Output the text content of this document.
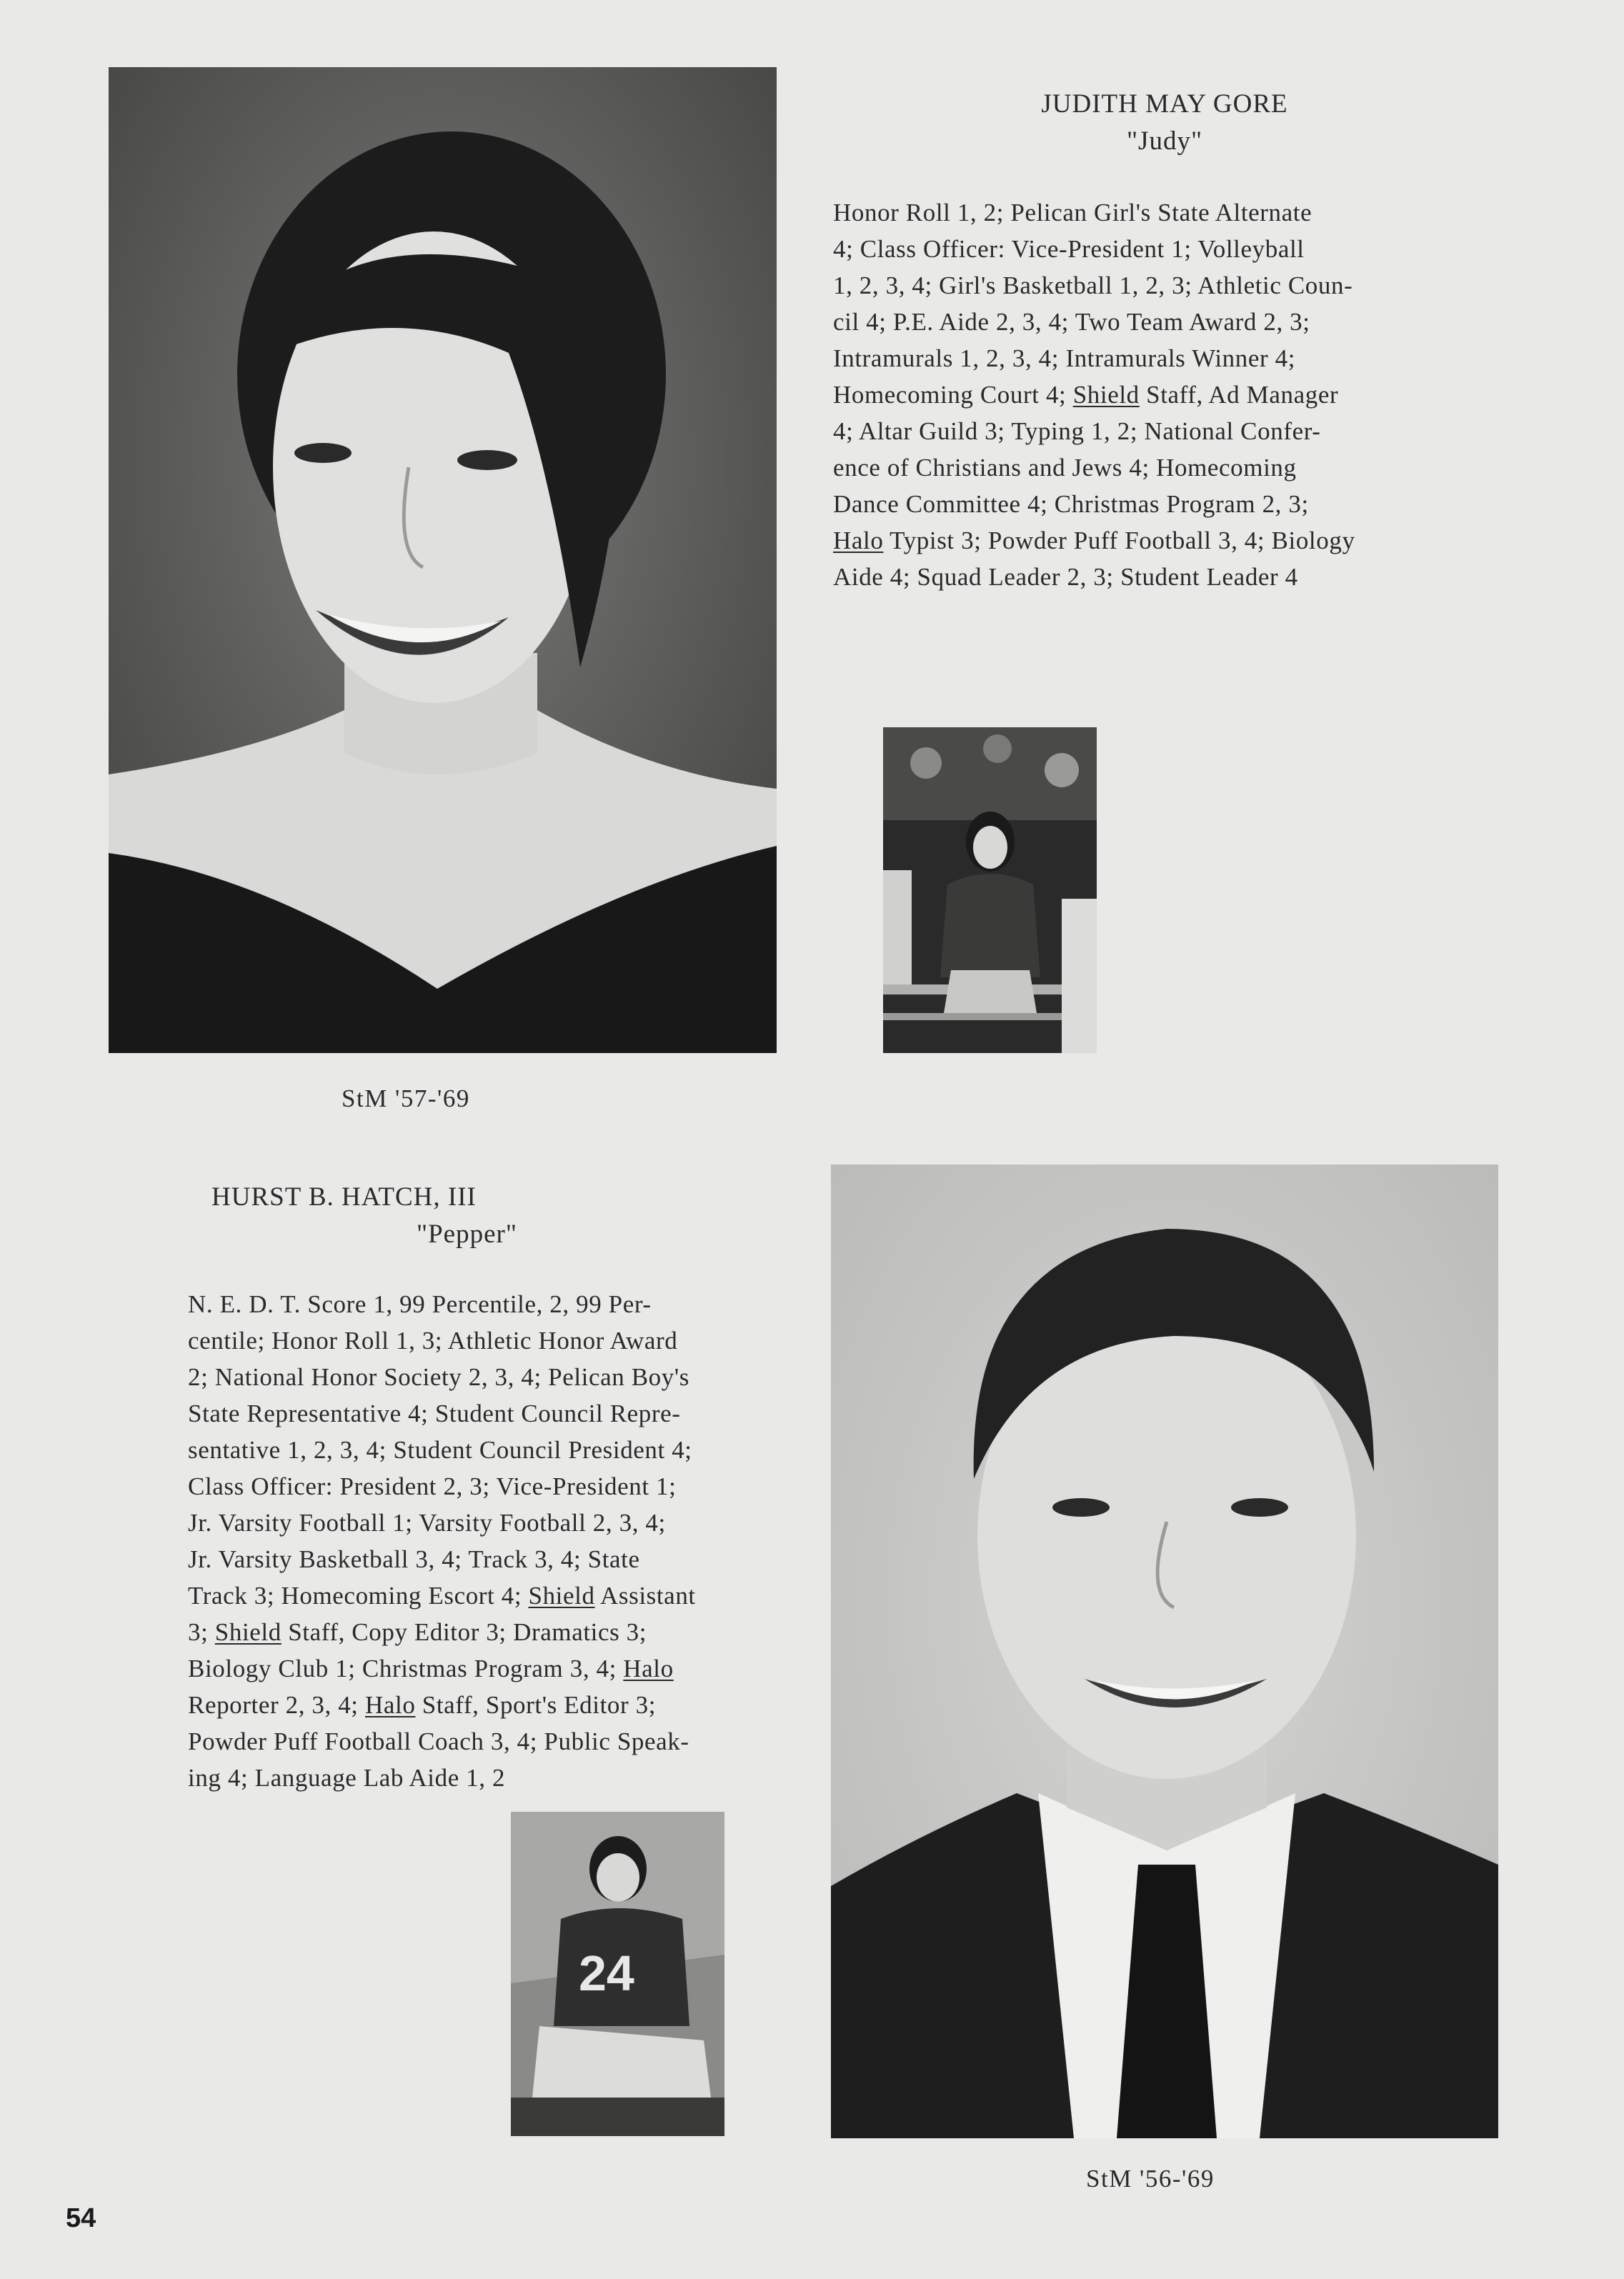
JUDITH MAY GORE
"Judy"
Honor Roll 1, 2; Pelican Girl's State Alternate
4; Class Officer: Vice-President 1; Volleyball
1, 2, 3, 4; Girl's Basketball 1, 2, 3; Athletic Coun-
cil 4; P.E. Aide 2, 3, 4; Two Team Award 2, 3;
Intramurals 1, 2, 3, 4; Intramurals Winner 4;
Homecoming Court 4; Shield Staff, Ad Manager
4; Altar Guild 3; Typing 1, 2; National Confer-
ence of Christians and Jews 4; Homecoming
Dance Committee 4; Christmas Program 2, 3;
Halo Typist 3; Powder Puff Football 3, 4; Biology
Aide 4; Squad Leader 2, 3; Student Leader 4
StM '57-'69
HURST B. HATCH, III
"Pepper"
N. E. D. T. Score 1, 99 Percentile, 2, 99 Per-
centile; Honor Roll 1, 3; Athletic Honor Award
2; National Honor Society 2, 3, 4; Pelican Boy's
State Representative 4; Student Council Repre-
sentative 1, 2, 3, 4; Student Council President 4;
Class Officer: President 2, 3; Vice-President 1;
Jr. Varsity Football 1; Varsity Football 2, 3, 4;
Jr. Varsity Basketball 3, 4; Track 3, 4; State
Track 3; Homecoming Escort 4; Shield Assistant
3; Shield Staff, Copy Editor 3; Dramatics 3;
Biology Club 1; Christmas Program 3, 4; Halo
Reporter 2, 3, 4; Halo Staff, Sport's Editor 3;
Powder Puff Football Coach 3, 4; Public Speak-
ing 4; Language Lab Aide 1, 2
24
StM '56-'69
54
